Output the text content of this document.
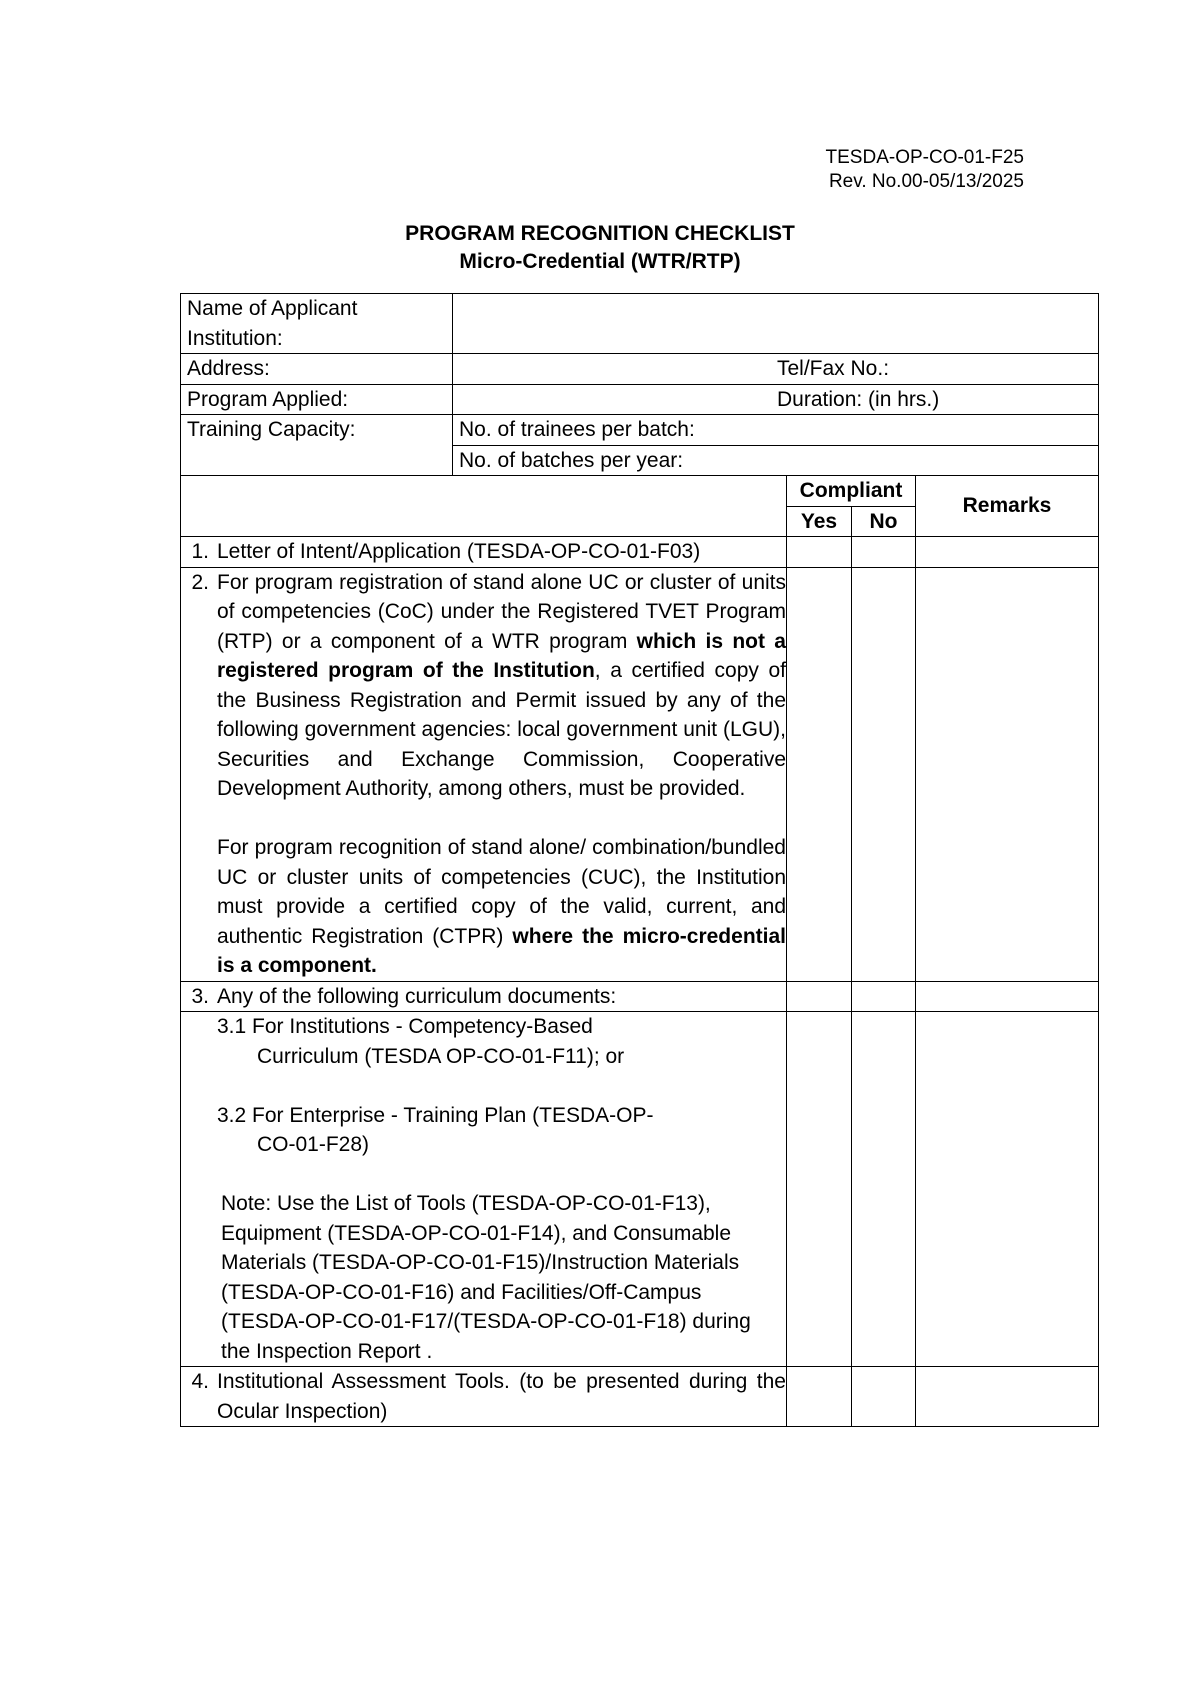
TESDA-OP-CO-01-F25
Rev. No.00-05/13/2025
PROGRAM RECOGNITION CHECKLIST
Micro-Credential (WTR/RTP)
Name of Applicant Institution:				
Address:	Tel/Fax No.:			
Program Applied:	Duration: (in hrs.)			
Training Capacity:	No. of trainees per batch:			
	No. of batches per year:			
		Compliant		Remarks
		Yes	No	

1. Letter of Intent/Application (TESDA-OP-CO-01-F03)				

2. For program registration of stand alone UC or cluster of units of competencies (CoC) under the Registered TVET Program (RTP) or a component of a WTR program which is not a registered program of the Institution, a certified copy of the Business Registration and Permit issued by any of the following government agencies: local government unit (LGU), Securities and Exchange Commission, Cooperative Development Authority, among others, must be provided.

For program recognition of stand alone/ combination/bundled UC or cluster units of competencies (CUC), the Institution must provide a certified copy of the valid, current, and authentic Registration (CTPR) where the micro-credential is a component.				

3. Any of the following curriculum documents:				

3.1 For Institutions - Competency-Based
Curriculum (TESDA OP-CO-01-F11); or
3.2 For Enterprise - Training Plan (TESDA-OP-
CO-01-F28)
Note: Use the List of Tools (TESDA-OP-CO-01-F13), Equipment (TESDA-OP-CO-01-F14), and Consumable Materials (TESDA-OP-CO-01-F15)/Instruction Materials (TESDA-OP-CO-01-F16) and Facilities/Off-Campus (TESDA-OP-CO-01-F17/(TESDA-OP-CO-01-F18) during the Inspection Report .				

4. Institutional Assessment Tools. (to be presented during the Ocular Inspection)				
